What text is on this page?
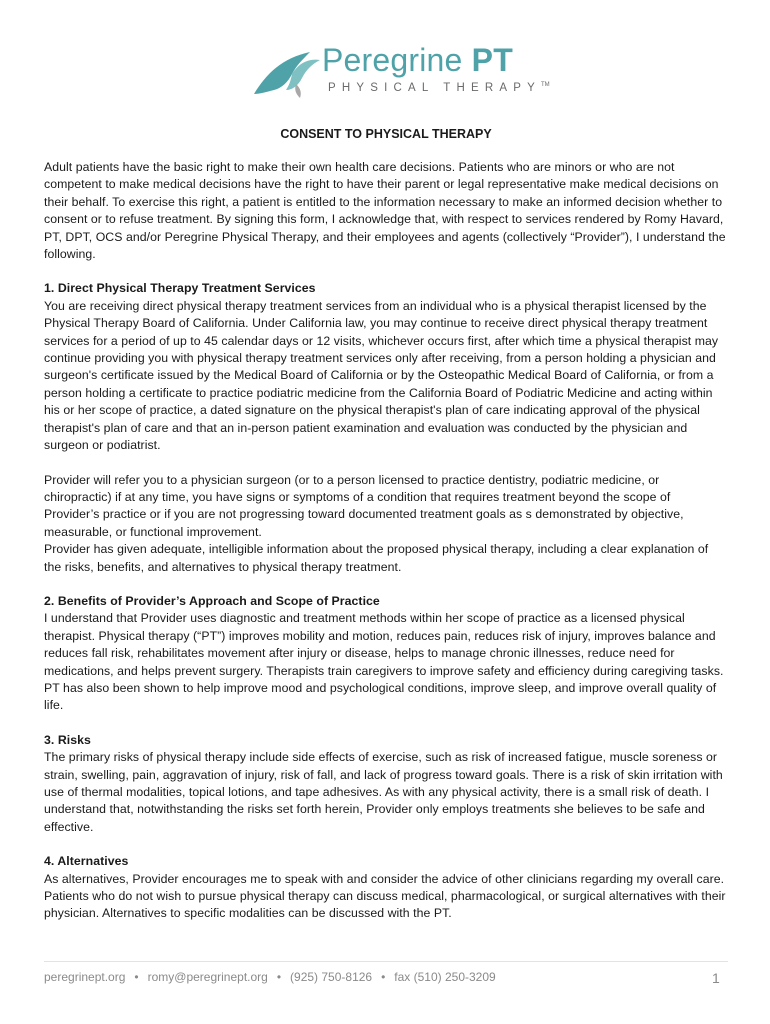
Peregrine PT
PHYSICAL THERAPY™
CONSENT TO PHYSICAL THERAPY

Adult patients have the basic right to make their own health care decisions. Patients who are minors or who are not competent to make medical decisions have the right to have their parent or legal representative make medical decisions on their behalf. To exercise this right, a patient is entitled to the information necessary to make an informed decision whether to consent or to refuse treatment. By signing this form, I acknowledge that, with respect to services rendered by Romy Havard, PT, DPT, OCS and/or Peregrine Physical Therapy, and their employees and agents (collectively “Provider”), I understand the following.

1. Direct Physical Therapy Treatment Services

You are receiving direct physical therapy treatment services from an individual who is a physical therapist licensed by the Physical Therapy Board of California. Under California law, you may continue to receive direct physical therapy treatment services for a period of up to 45 calendar days or 12 visits, whichever occurs first, after which time a physical therapist may continue providing you with physical therapy treatment services only after receiving, from a person holding a physician and surgeon's certificate issued by the Medical Board of California or by the Osteopathic Medical Board of California, or from a person holding a certificate to practice podiatric medicine from the California Board of Podiatric Medicine and acting within his or her scope of practice, a dated signature on the physical therapist's plan of care indicating approval of the physical therapist's plan of care and that an in-person patient examination and evaluation was conducted by the physician and surgeon or podiatrist.

Provider will refer you to a physician surgeon (or to a person licensed to practice dentistry, podiatric medicine, or chiropractic) if at any time, you have signs or symptoms of a condition that requires treatment beyond the scope of Provider’s practice or if you are not progressing toward documented treatment goals as s demonstrated by objective, measurable, or functional improvement.

Provider has given adequate, intelligible information about the proposed physical therapy, including a clear explanation of the risks, benefits, and alternatives to physical therapy treatment.

2. Benefits of Provider’s Approach and Scope of Practice

I understand that Provider uses diagnostic and treatment methods within her scope of practice as a licensed physical therapist. Physical therapy (“PT”) improves mobility and motion, reduces pain, reduces risk of injury, improves balance and reduces fall risk, rehabilitates movement after injury or disease, helps to manage chronic illnesses, reduce need for medications, and helps prevent surgery. Therapists train caregivers to improve safety and efficiency during caregiving tasks. PT has also been shown to help improve mood and psychological conditions, improve sleep, and improve overall quality of life.

3. Risks

The primary risks of physical therapy include side effects of exercise, such as risk of increased fatigue, muscle soreness or strain, swelling, pain, aggravation of injury, risk of fall, and lack of progress toward goals. There is a risk of skin irritation with use of thermal modalities, topical lotions, and tape adhesives. As with any physical activity, there is a small risk of death. I understand that, notwithstanding the risks set forth herein, Provider only employs treatments she believes to be safe and effective.

4. Alternatives

As alternatives, Provider encourages me to speak with and consider the advice of other clinicians regarding my overall care. Patients who do not wish to pursue physical therapy can discuss medical, pharmacological, or surgical alternatives with their physician. Alternatives to specific modalities can be discussed with the PT.

peregrinept.org • romy@peregrinept.org • (925) 750-8126 • fax (510) 250-3209	1
